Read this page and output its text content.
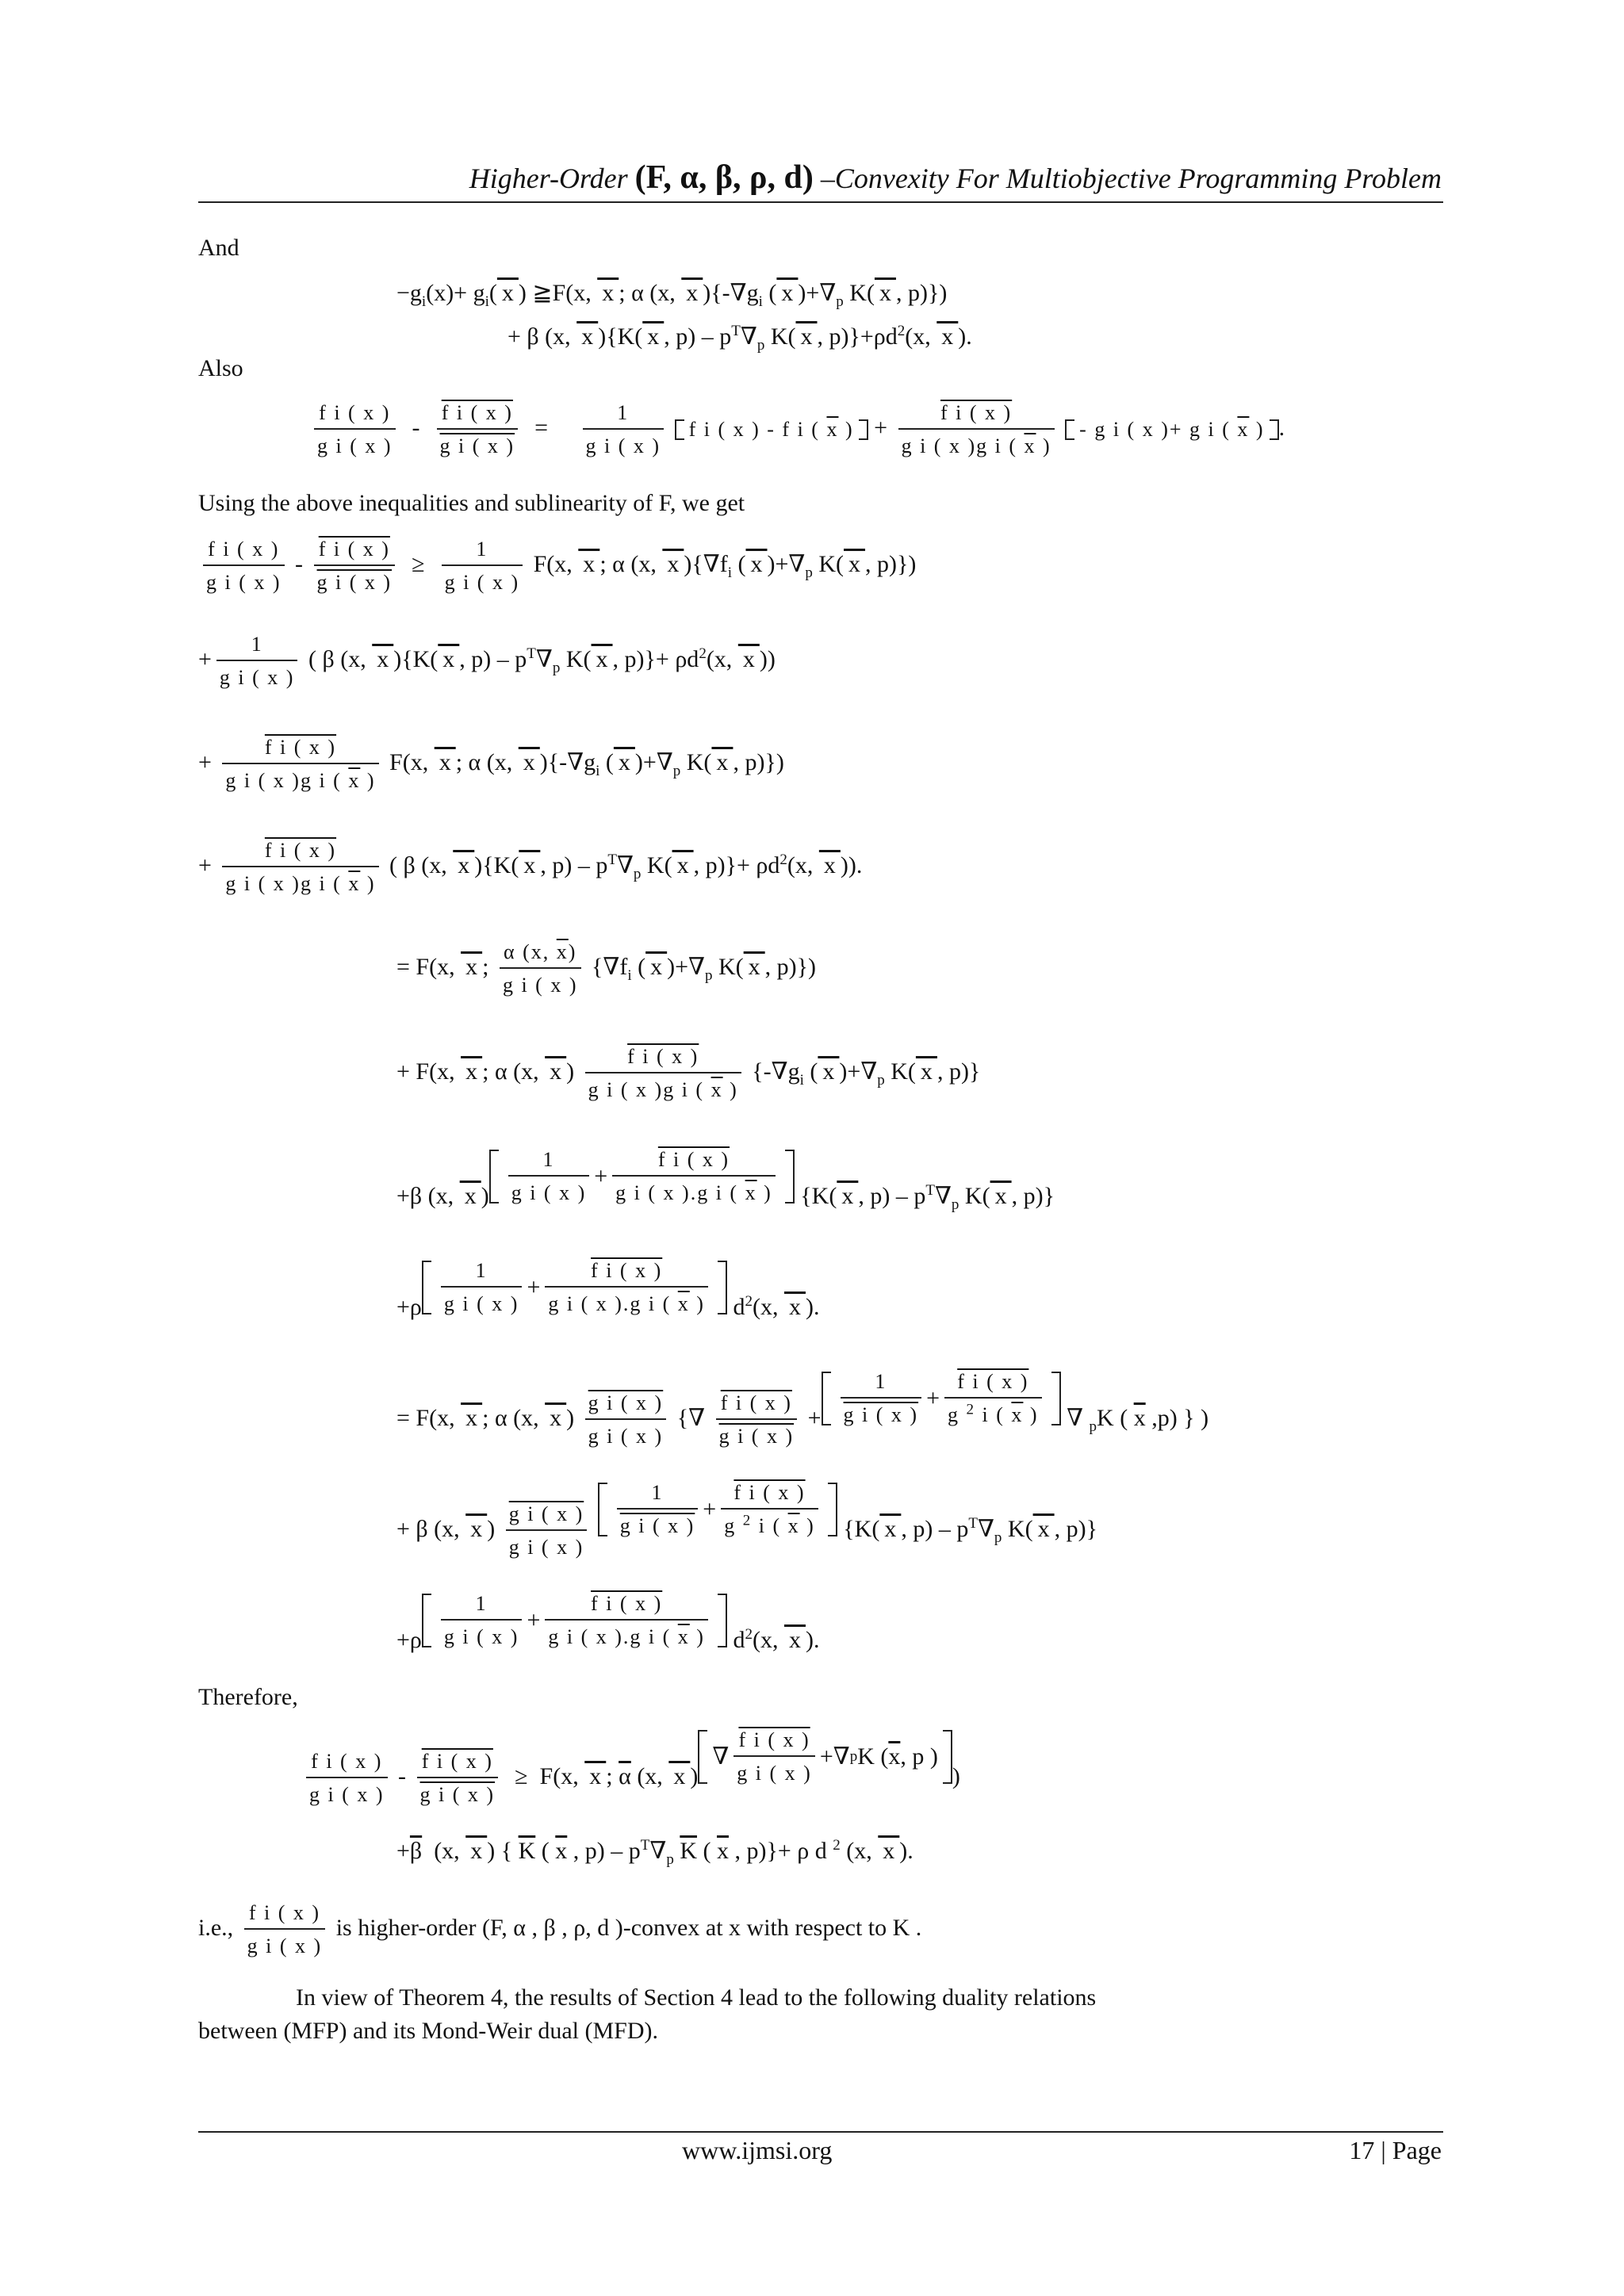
Higher-Order (F, α, β, ρ, d) –Convexity For Multiobjective Programming Problem
And
$-g_i(x)+ g_i$( x ) ≧F(x,  x ; α (x,  x ){$-\nabla g_i$ ( x )$+\nabla_p$ K( x , p)})
+ β (x,  x ){K( x , $p) - p^T\nabla_p$ K( x , $p)\}+\rho d^2(x$,  x ).
Also
$\frac{\text{f i ( x )}}{\text{g i ( x )}} - \frac{\text{f i ( x )}}{\text{g i ( x )}} = \frac{1}{\text{g i ( x )}}$
f i ( x ) - f i ( $\overline{x}$ ) + $\frac{\text{f i ( x )}}{g i ( x )g i ( \overline{x} )}$
- g i ( x )+ g i ( $\overline{x}$ ) .
Using the above inequalities and sublinearity of F, we get
$\frac{\text{f i ( x )}}{\text{g i ( x )}} - \frac{\text{f i ( x )}}{\text{g i ( x )}} \ge \frac{1}{\text{g i ( x )}} F(x$,  x ; α (x,  x ){$\nabla f_i$ ( x )$+\nabla_p$ K( x , p)})
+ $\frac{1}{\text{g i ( x )}}$ ( β (x,  x ){K( x , $p) - p^T\nabla_p$ K( x , $p)\}+ \rho d^2(x$,  x ))
+ $\frac{\text{f i ( x )}}{g i ( x )g i ( \overline{x} )} F(x$,  x ; α (x,  x ){$-\nabla g_i$ ( x )$+\nabla_p$ K( x , p)})
+ $\frac{\text{f i ( x )}}{g i ( x )g i ( \overline{x} )}$ ( β (x,  x ){K( x , $p) - p^T\nabla_p$ K( x , $p)\}+ \rho d^2(x$,  x )).
= F(x,  x ; $\frac{\alpha (x, \overline{x})}{\text{g i ( x )}} \{\nabla f_i$ ( x )$+\nabla_p$ K( x , p)})
+ F(x,  x ; α (x,  x ) $\frac{\text{f i ( x )}}{g i ( x )g i ( \overline{x} )} \{-\nabla g_i$ ( x )$+\nabla_p$ K( x , p)}
+β (x,  x ) $\frac{1}{\text{g i ( x )}} + \frac{\text{f i ( x )}}{g i ( x ).g i ( \overline{x} )} \{K$( x , $p) - p^T\nabla_p$ K( x , p)}
$+\rho \frac{1}{\text{g i ( x )}} + \frac{\text{f i ( x )}}{g i ( x ).g i ( \overline{x} )} d^2(x$,  x ).
= F(x,  x ; α (x,  x ) $\frac{\text{g i ( x )}}{\text{g i ( x )}}$ {∇ $\frac{\text{f i ( x )}}{\text{g i ( x )}} + \frac{1}{\text{g i ( x )}} + \frac{\text{f i ( x )}}{g ^2 i ( \overline{x} )}$ ∇ $_p$K ( $\overline{x}$ ,p) } )
+ β (x,  x ) $\frac{\text{g i ( x )}}{\text{g i ( x )}}$
$\frac{1}{\text{g i ( x )}} + \frac{\text{f i ( x )}}{g ^2 i ( \overline{x} )} \{K$( x , $p) - p^T\nabla_p$ K( x , p)}
$+\rho \frac{1}{\text{g i ( x )}} + \frac{\text{f i ( x )}}{g i ( x ).g i ( \overline{x} )} d^2(x$,  x ).
Therefore,
$\frac{\text{f i ( x )}}{\text{g i ( x )}} - \frac{\text{f i ( x )}}{\text{g i ( x )}} \ge F(x$,  x ; $\overline{\alpha}$ (x,  x )
∇ $\frac{\text{f i ( x )}}{\text{g i ( x )}}$ +∇ p K ( $\overline{x}$ , p )
)
$+\overline{\beta}$  (x,  x ) { $\overline{K}$ ( $\overline{x}$ , $p) - p^T\nabla_p$ $\overline{K}$ ( $\overline{x}$ , p)}+ ρ d $^2$ (x,  x ).
i.e., $\frac{\text{f i ( x )}}{\text{g i ( x )}}$ is higher-order (F, α , β , ρ, d )-convex at x with respect to K .
In view of Theorem 4, the results of Section 4 lead to the following duality relations
between (MFP) and its Mond-Weir dual (MFD).
www.ijmsi.org	17 | Page
